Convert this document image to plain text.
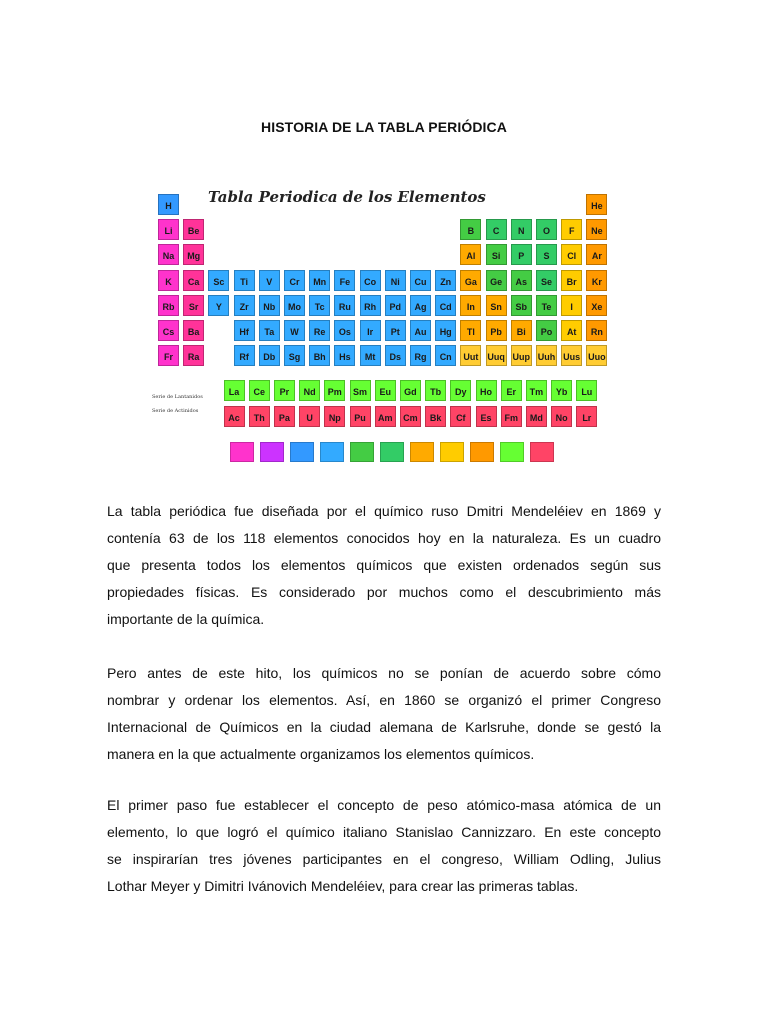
HISTORIA DE LA TABLA PERIÓDICA
Tabla Periodica de los Elementos
H	He
Li Be	B C N O F Ne
Na Mg	Al Si P S Cl Ar
K Ca Sc Ti V Cr Mn Fe Co Ni Cu Zn Ga Ge As Se Br Kr
Rb Sr Y Zr Nb Mo Tc Ru Rh Pd Ag Cd In Sn Sb Te I Xe
Cs Ba	Hf Ta W Re Os Ir Pt Au Hg Tl Pb Bi Po At Rn
Fr Ra	Rf Db Sg Bh Hs Mt Ds Rg Cn Uut Uuq Uup Uuh Uus Uuo
La	Ce	Pr	Nd	Pm	Sm	Eu	Gd	Tb	Dy	Ho	Er	Tm	Yb	Lu
Ac	Th	Pa	U	Np	Pu	Am	Cm	Bk	Cf	Es	Fm	Md	No	Lr
Serie de Lantanidos
Serie de Actinidos
La tabla periódica fue diseñada por el químico ruso Dmitri Mendeléiev en 1869 y
contenía 63 de los 118 elementos conocidos hoy en la naturaleza. Es un cuadro
que presenta todos los elementos químicos que existen ordenados según sus
propiedades físicas. Es considerado por muchos como el descubrimiento más
importante de la química.
Pero antes de este hito, los químicos no se ponían de acuerdo sobre cómo
nombrar y ordenar los elementos. Así, en 1860 se organizó el primer Congreso
Internacional de Químicos en la ciudad alemana de Karlsruhe, donde se gestó la
manera en la que actualmente organizamos los elementos químicos.
El primer paso fue establecer el concepto de peso atómico-masa atómica de un
elemento, lo que logró el químico italiano Stanislao Cannizzaro. En este concepto
se inspirarían tres jóvenes participantes en el congreso, William Odling, Julius
Lothar Meyer y Dimitri Ivánovich Mendeléiev, para crear las primeras tablas.
